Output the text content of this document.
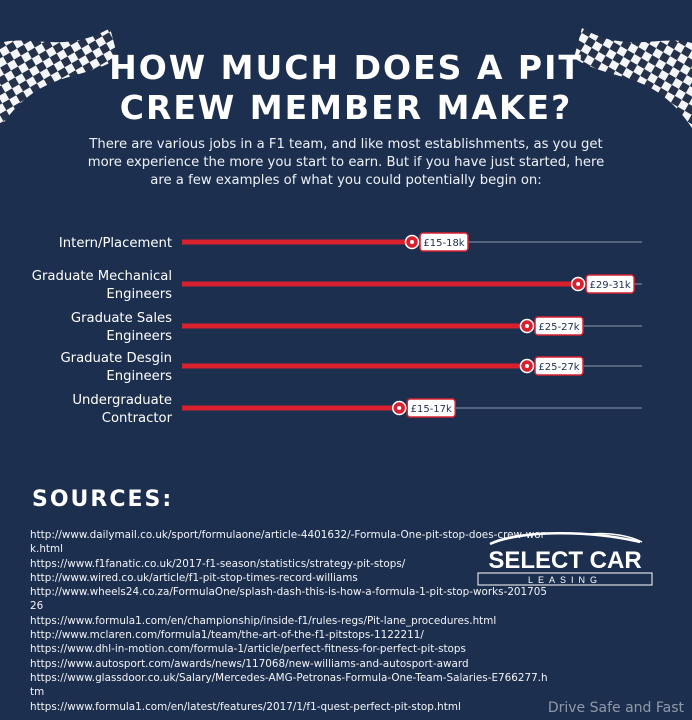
HOW MUCH DOES A PIT CREW MEMBER MAKE?
There are various jobs in a F1 team, and like most establishments, as you get more experience the more you start to earn. But if you have just started, here are a few examples of what you could potentially begin on:
£15-18k
Intern/Placement
£29-31k
Graduate Mechanical
Engineers
£25-27k
Graduate Sales
Engineers
£25-27k
Graduate Desgin
Engineers
£15-17k
Undergraduate
Contractor
SOURCES:
http://www.dailymail.co.uk/sport/formulaone/article-4401632/-Formula-One-pit-stop-does-crew-work.html
https://www.f1fanatic.co.uk/2017-f1-season/statistics/strategy-pit-stops/
http://www.wired.co.uk/article/f1-pit-stop-times-record-williams
http://www.wheels24.co.za/FormulaOne/splash-dash-this-is-how-a-formula-1-pit-stop-works-20170526
https://www.formula1.com/en/championship/inside-f1/rules-regs/Pit-lane_procedures.html
http://www.mclaren.com/formula1/team/the-art-of-the-f1-pitstops-1122211/
https://www.dhl-in-motion.com/formula-1/article/perfect-fitness-for-perfect-pit-stops
https://www.autosport.com/awards/news/117068/new-williams-and-autosport-award
https://www.glassdoor.co.uk/Salary/Mercedes-AMG-Petronas-Formula-One-Team-Salaries-E766277.htm
https://www.formula1.com/en/latest/features/2017/1/f1-quest-perfect-pit-stop.html
SELECT CAR
LEASING
Drive Safe and Fast
